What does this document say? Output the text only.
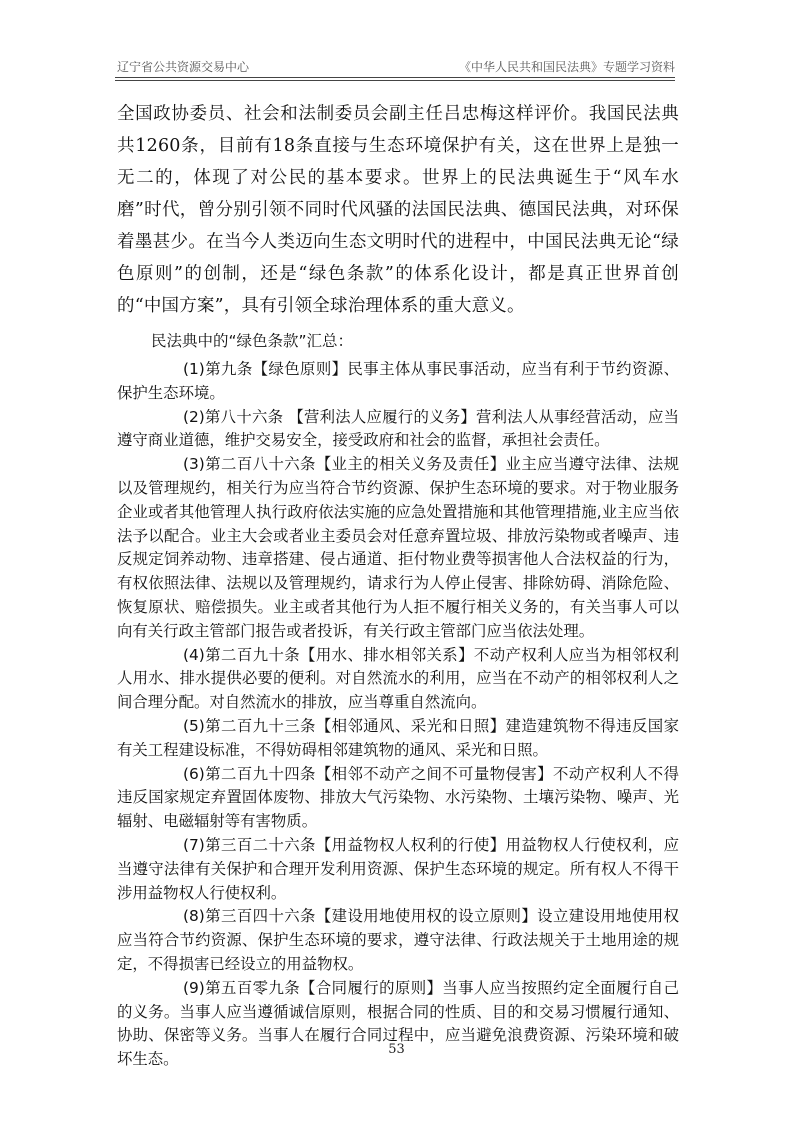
辽宁省公共资源交易中心	《中华人民共和国民法典》专题学习资料

全国政协委员、社会和法制委员会副主任吕忠梅这样评价。我国民法典共1260条，目前有18条直接与生态环境保护有关，这在世界上是独一无二的，体现了对公民的基本要求。世界上的民法典诞生于“风车水磨”时代，曾分别引领不同时代风骚的法国民法典、德国民法典，对环保着墨甚少。在当今人类迈向生态文明时代的进程中，中国民法典无论“绿色原则”的创制，还是“绿色条款”的体系化设计，都是真正世界首创的“中国方案”，具有引领全球治理体系的重大意义。

民法典中的“绿色条款”汇总：

(1)第九条【绿色原则】民事主体从事民事活动，应当有利于节约资源、保护生态环境。
(2)第八十六条 【营利法人应履行的义务】营利法人从事经营活动，应当遵守商业道德，维护交易安全，接受政府和社会的监督，承担社会责任。
(3)第二百八十六条【业主的相关义务及责任】业主应当遵守法律、法规以及管理规约，相关行为应当符合节约资源、保护生态环境的要求。对于物业服务企业或者其他管理人执行政府依法实施的应急处置措施和其他管理措施,业主应当依法予以配合。业主大会或者业主委员会对任意弃置垃圾、排放污染物或者噪声、违反规定饲养动物、违章搭建、侵占通道、拒付物业费等损害他人合法权益的行为，有权依照法律、法规以及管理规约，请求行为人停止侵害、排除妨碍、消除危险、恢复原状、赔偿损失。业主或者其他行为人拒不履行相关义务的，有关当事人可以向有关行政主管部门报告或者投诉，有关行政主管部门应当依法处理。
(4)第二百九十条【用水、排水相邻关系】不动产权利人应当为相邻权利人用水、排水提供必要的便利。对自然流水的利用，应当在不动产的相邻权利人之间合理分配。对自然流水的排放，应当尊重自然流向。
(5)第二百九十三条【相邻通风、采光和日照】建造建筑物不得违反国家有关工程建设标准，不得妨碍相邻建筑物的通风、采光和日照。
(6)第二百九十四条【相邻不动产之间不可量物侵害】不动产权利人不得违反国家规定弃置固体废物、排放大气污染物、水污染物、土壤污染物、噪声、光辐射、电磁辐射等有害物质。
(7)第三百二十六条【用益物权人权利的行使】用益物权人行使权利，应当遵守法律有关保护和合理开发利用资源、保护生态环境的规定。所有权人不得干涉用益物权人行使权利。
(8)第三百四十六条【建设用地使用权的设立原则】设立建设用地使用权应当符合节约资源、保护生态环境的要求，遵守法律、行政法规关于土地用途的规定，不得损害已经设立的用益物权。
(9)第五百零九条【合同履行的原则】当事人应当按照约定全面履行自己的义务。当事人应当遵循诚信原则，根据合同的性质、目的和交易习惯履行通知、协助、保密等义务。当事人在履行合同过程中，应当避免浪费资源、污染环境和破坏生态。
53
